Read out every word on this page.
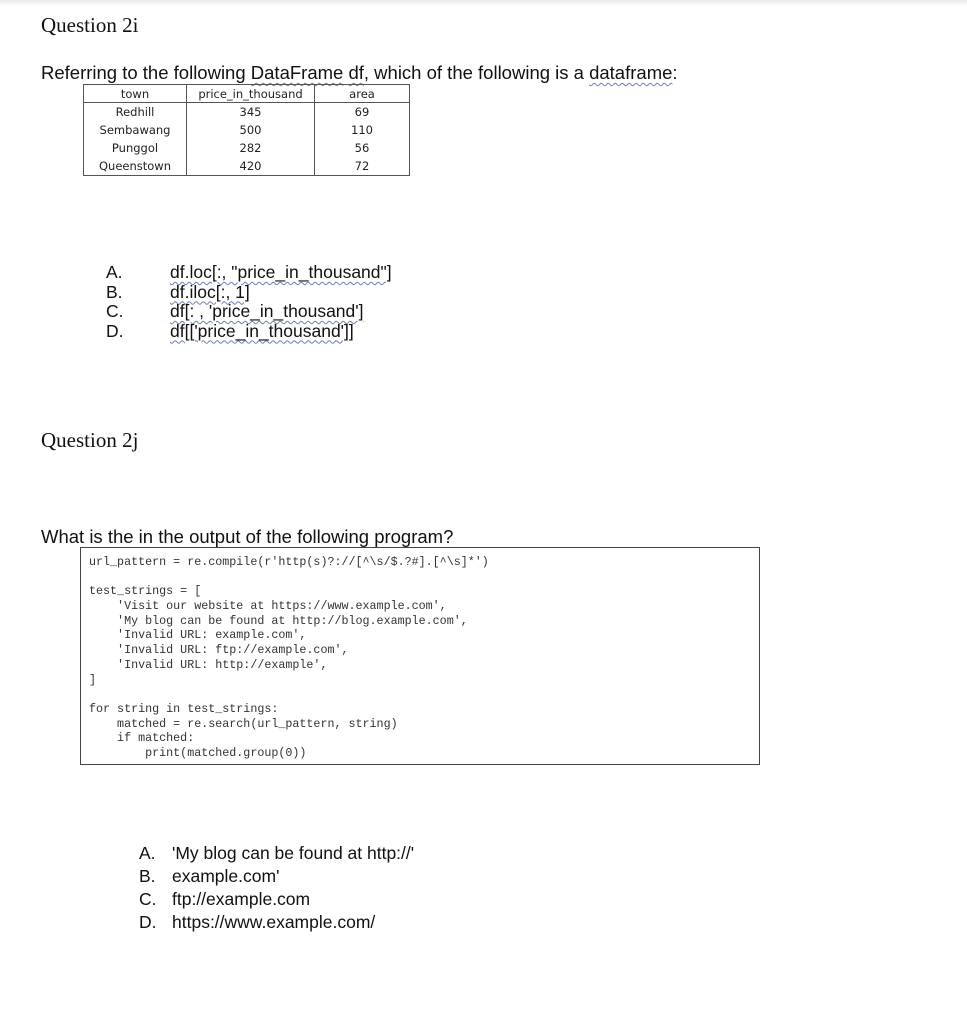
Question 2i
Referring to the following DataFrame df, which of the following is a dataframe:
town	price_in_thousand	area
Redhill	345	69
Sembawang	500	110
Punggol	282	56
Queenstown	420	72
A.	df.loc[:, "price_in_thousand"]
B.	df.iloc[:, 1]
C.	df[: , 'price_in_thousand']
D.	df[['price_in_thousand']]
Question 2j
What is the in the output of the following program?
url_pattern = re.compile(r'http(s)?://[^\s/$.?#].[^\s]*')
test_strings = [
'Visit our website at https://www.example.com',
'My blog can be found at http://blog.example.com',
'Invalid URL: example.com',
'Invalid URL: ftp://example.com',
'Invalid URL: http://example',
]
for string in test_strings:
matched = re.search(url_pattern, string)
if matched:
print(matched.group(0))
A. 'My blog can be found at http://'
B. example.com'
C. ftp://example.com
D. https://www.example.com/
